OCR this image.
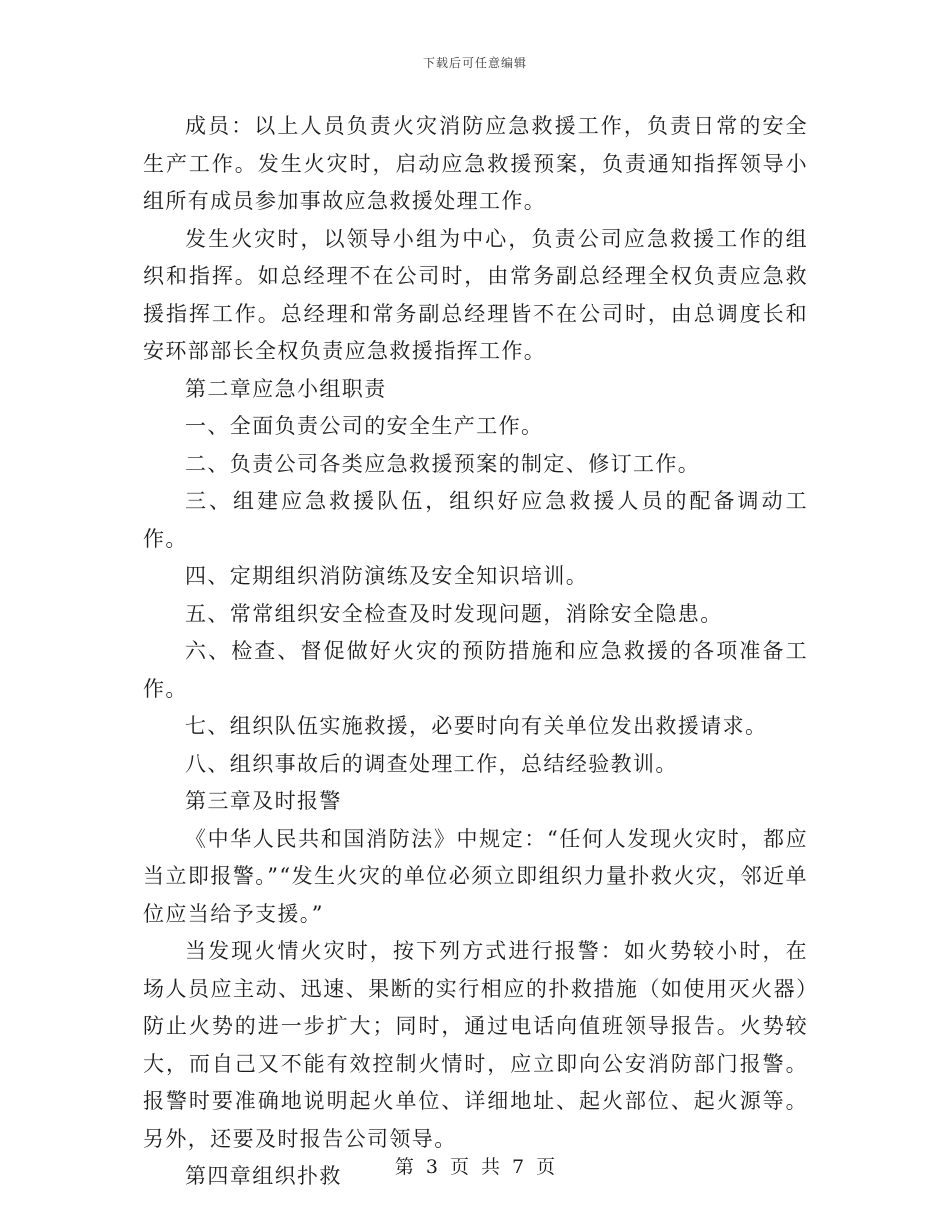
下载后可任意编辑

成员：以上人员负责火灾消防应急救援工作，负责日常的安全生产工作。发生火灾时，启动应急救援预案，负责通知指挥领导小组所有成员参加事故应急救援处理工作。

发生火灾时，以领导小组为中心，负责公司应急救援工作的组织和指挥。如总经理不在公司时，由常务副总经理全权负责应急救援指挥工作。总经理和常务副总经理皆不在公司时，由总调度长和安环部部长全权负责应急救援指挥工作。

第二章应急小组职责

一、全面负责公司的安全生产工作。

二、负责公司各类应急救援预案的制定、修订工作。

三、组建应急救援队伍，组织好应急救援人员的配备调动工作。

四、定期组织消防演练及安全知识培训。

五、常常组织安全检查及时发现问题，消除安全隐患。

六、检查、督促做好火灾的预防措施和应急救援的各项准备工作。

七、组织队伍实施救援，必要时向有关单位发出救援请求。

八、组织事故后的调查处理工作，总结经验教训。

第三章及时报警

《中华人民共和国消防法》中规定：“任何人发现火灾时，都应当立即报警。”“发生火灾的单位必须立即组织力量扑救火灾，邻近单位应当给予支援。”

当发现火情火灾时，按下列方式进行报警：如火势较小时，在场人员应主动、迅速、果断的实行相应的扑救措施（如使用灭火器）防止火势的进一步扩大；同时，通过电话向值班领导报告。火势较大，而自己又不能有效控制火情时，应立即向公安消防部门报警。报警时要准确地说明起火单位、详细地址、起火部位、起火源等。另外，还要及时报告公司领导。

第四章组织扑救	第 3 页 共 7 页
